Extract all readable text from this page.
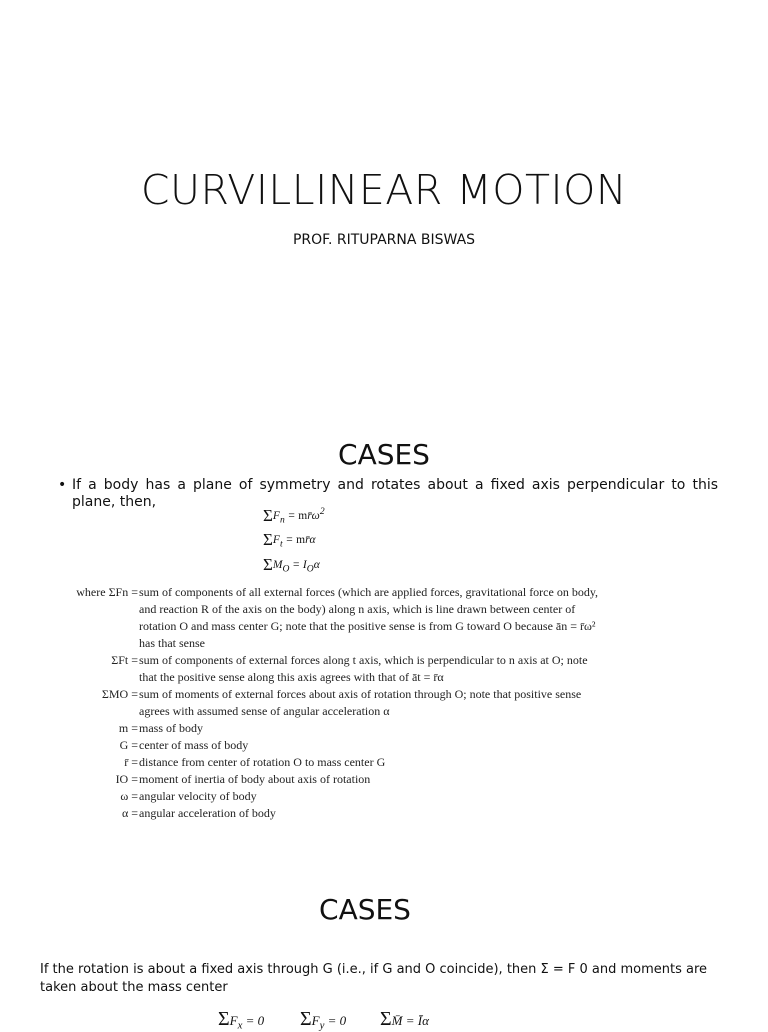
CURVILLINEAR MOTION
PROF. RITUPARNA BISWAS
CASES
• If a body has a plane of symmetry and rotates about a fixed axis perpendicular to this plane, then,
$\Sigma F_n$ = $mr̄\omega^2$
$\Sigma F_t$ = mr̄α
$\Sigma M_O = I_O\alpha$
where ΣFn = sum of components of all external forces (which are applied forces, gravitational force on body,
and reaction R of the axis on the body) along n axis, which is line drawn between center of
rotation O and mass center G; note that the positive sense is from G toward O because ān = r̄ω²
has that sense
ΣFt = sum of components of external forces along t axis, which is perpendicular to n axis at O; note
that the positive sense along this axis agrees with that of āt = r̄α
ΣMO = sum of moments of external forces about axis of rotation through O; note that positive sense
agrees with assumed sense of angular acceleration α
m = mass of body
G = center of mass of body
r̄ = distance from center of rotation O to mass center G
IO = moment of inertia of body about axis of rotation
ω = angular velocity of body
α = angular acceleration of body
CASES
If the rotation is about a fixed axis through G (i.e., if G and O coincide), then Σ = F 0 and moments are taken about the mass center
$\Sigma F_x = 0$ $\Sigma F_y = 0$ ΣM̄ = Īα
